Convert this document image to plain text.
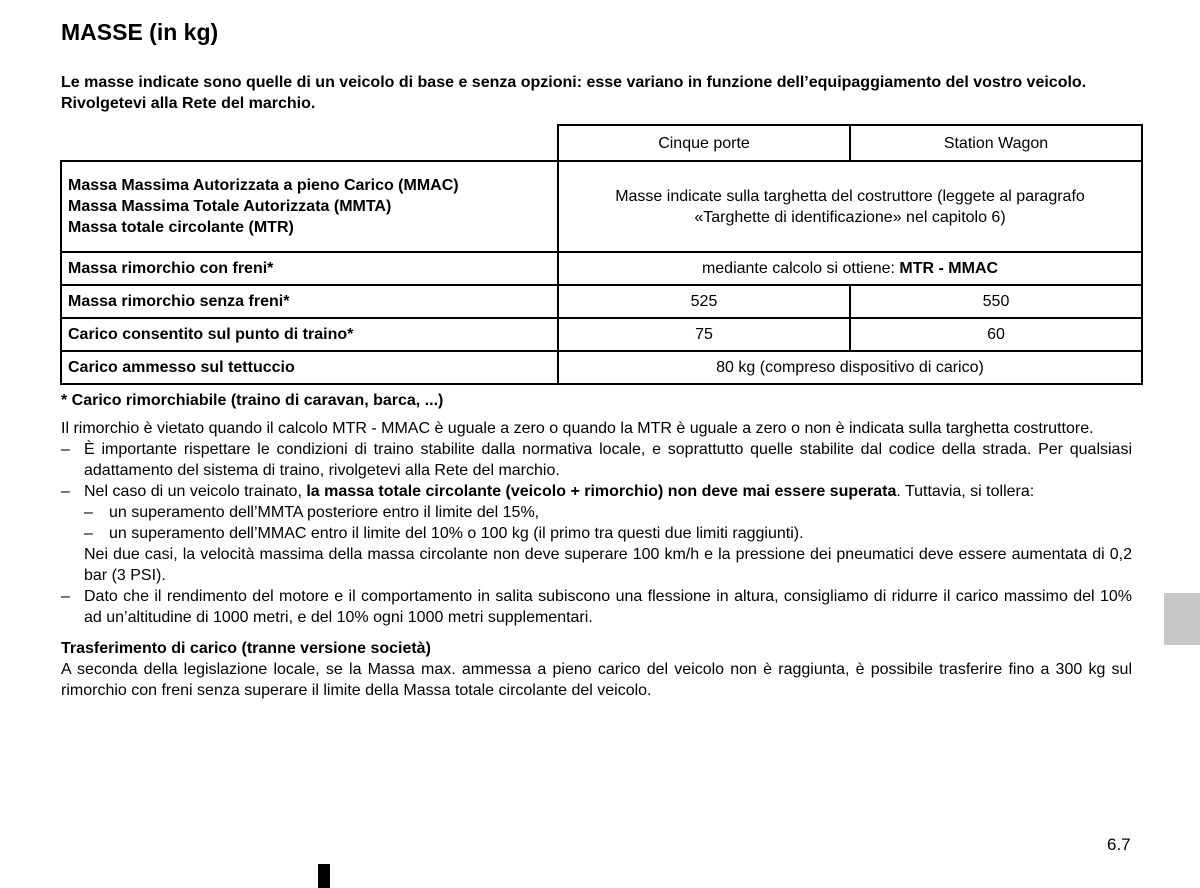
MASSE (in kg)

Le masse indicate sono quelle di un veicolo di base e senza opzioni: esse variano in funzione dell’equipaggiamento del vostro veicolo. Rivolgetevi alla Rete del marchio.

	Cinque porte	Station Wagon

Massa Massima Autorizzata a pieno Carico (MMAC)
Massa Massima Totale Autorizzata (MMTA)
Massa totale circolante (MTR)	Masse indicate sulla targhetta del costruttore (leggete al paragrafo «Targhette di identificazione» nel capitolo 6)	
Massa rimorchio con freni*	mediante calcolo si ottiene: MTR - MMAC	
Massa rimorchio senza freni*	525	550
Carico consentito sul punto di traino*	75	60
Carico ammesso sul tettuccio	80 kg (compreso dispositivo di carico)	

* Carico rimorchiabile (traino di caravan, barca, ...)

Il rimorchio è vietato quando il calcolo MTR - MMAC è uguale a zero o quando la MTR è uguale a zero o non è indicata sulla targhetta costruttore.

– È importante rispettare le condizioni di traino stabilite dalla normativa locale, e soprattutto quelle stabilite dal codice della strada. Per qualsiasi adattamento del sistema di traino, rivolgetevi alla Rete del marchio.
– Nel caso di un veicolo trainato, la massa totale circolante (veicolo + rimorchio) non deve mai essere superata. Tuttavia, si tollera:
– un superamento dell’MMTA posteriore entro il limite del 15%,
– un superamento dell’MMAC entro il limite del 10% o 100 kg (il primo tra questi due limiti raggiunti).
Nei due casi, la velocità massima della massa circolante non deve superare 100 km/h e la pressione dei pneumatici deve essere aumentata di 0,2 bar (3 PSI).
– Dato che il rendimento del motore e il comportamento in salita subiscono una flessione in altura, consigliamo di ridurre il carico massimo del 10% ad un’altitudine di 1000 metri, e del 10% ogni 1000 metri supplementari.
Trasferimento di carico (tranne versione società)

A seconda della legislazione locale, se la Massa max. ammessa a pieno carico del veicolo non è raggiunta, è possibile trasferire fino a 300 kg sul rimorchio con freni senza superare il limite della Massa totale circolante del veicolo.

6.7
